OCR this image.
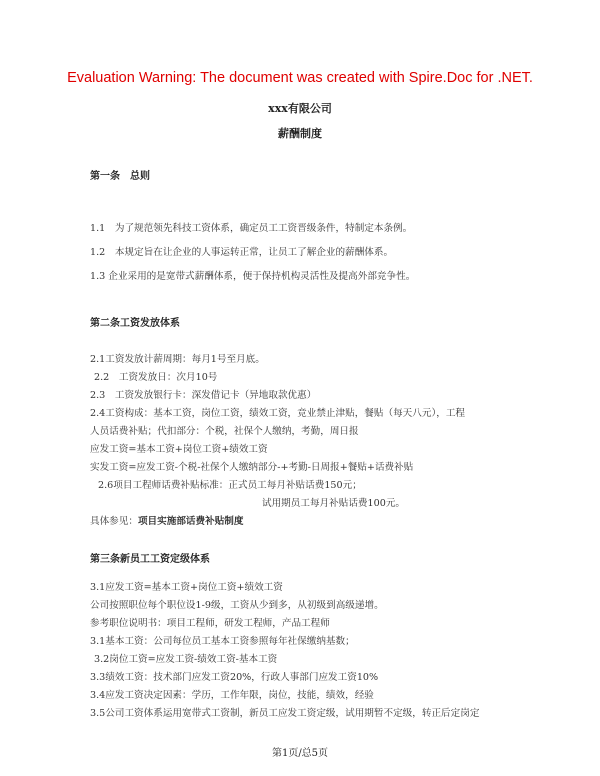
Evaluation Warning: The document was created with Spire.Doc for .NET.
xxx有限公司
薪酬制度
第一条　总则
1.1　为了规范领先科技工资体系，确定员工工资晋级条件，特制定本条例。
1.2　本规定旨在让企业的人事运转正常，让员工了解企业的薪酬体系。
1.3 企业采用的是宽带式薪酬体系，便于保持机构灵活性及提高外部竞争性。
第二条工资发放体系
2.1工资发放计薪周期：每月1号至月底。
2.2　工资发放日：次月10号
2.3　工资发放银行卡：深发借记卡（异地取款优惠）
2.4工资构成：基本工资，岗位工资，绩效工资，竞业禁止津贴，餐贴（每天八元），工程
人员话费补贴；代扣部分：个税，社保个人缴纳，考勤，周日报
应发工资=基本工资+岗位工资+绩效工资
实发工资=应发工资-个税-社保个人缴纳部分-+考勤-日周报+餐贴+话费补贴
2.6项目工程师话费补贴标准：正式员工每月补贴话费150元；
试用期员工每月补贴话费100元。
具体参见：项目实施部话费补贴制度
第三条新员工工资定级体系
3.1应发工资=基本工资+岗位工资+绩效工资
公司按照职位每个职位设1-9级，工资从少到多，从初级到高级递增。
参考职位说明书：项目工程师，研发工程师，产品工程师
3.1基本工资：公司每位员工基本工资参照每年社保缴纳基数；
3.2岗位工资=应发工资-绩效工资-基本工资
3.3绩效工资：技术部门应发工资20%，行政人事部门应发工资10%
3.4应发工资决定因素：学历，工作年限，岗位，技能，绩效，经验
3.5公司工资体系运用宽带式工资制，新员工应发工资定级，试用期暂不定级，转正后定岗定
第1页/总5页
